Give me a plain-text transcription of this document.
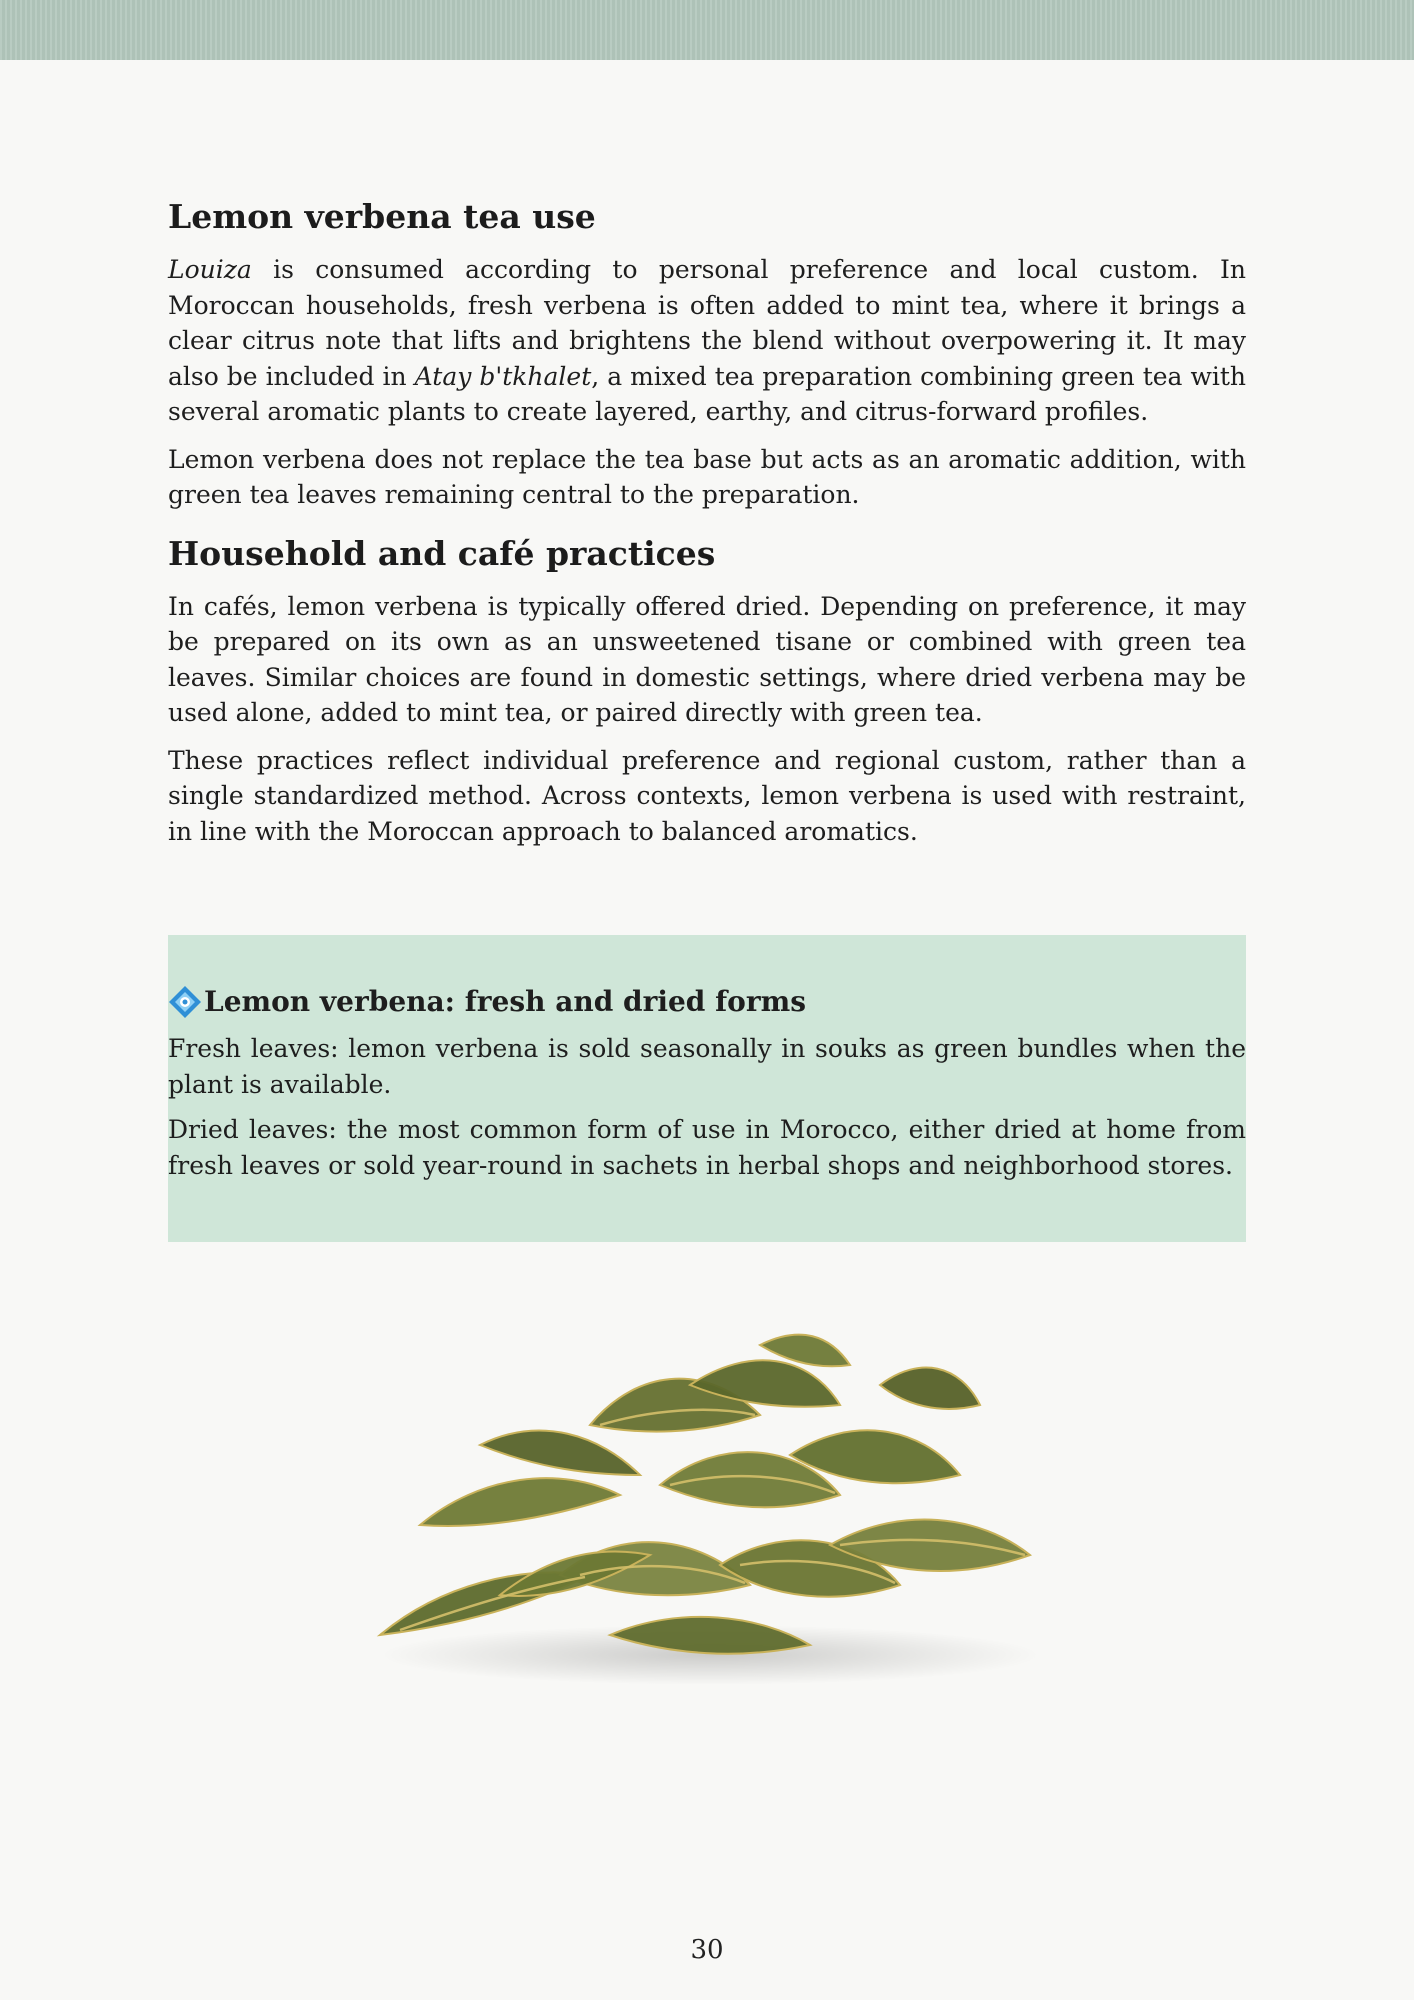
Lemon verbena tea use

Louiza is consumed according to personal preference and local custom. In Moroccan households, fresh verbena is often added to mint tea, where it brings a clear citrus note that lifts and brightens the blend without overpowering it. It may also be included in Atay b'tkhalet, a mixed tea preparation combining green tea with several aromatic plants to create layered, earthy, and citrus-forward profiles.

Lemon verbena does not replace the tea base but acts as an aromatic addition, with green tea leaves remaining central to the preparation.

Household and café practices

In cafés, lemon verbena is typically offered dried. Depending on preference, it may be prepared on its own as an unsweetened tisane or combined with green tea leaves. Similar choices are found in domestic settings, where dried verbena may be used alone, added to mint tea, or paired directly with green tea.

These practices reflect individual preference and regional custom, rather than a single standardized method. Across contexts, lemon verbena is used with restraint, in line with the Moroccan approach to balanced aromatics.

Lemon verbena: fresh and dried forms

Fresh leaves: lemon verbena is sold seasonally in souks as green bundles when the plant is available.

Dried leaves: the most common form of use in Morocco, either dried at home from fresh leaves or sold year-round in sachets in herbal shops and neighborhood stores.

30
